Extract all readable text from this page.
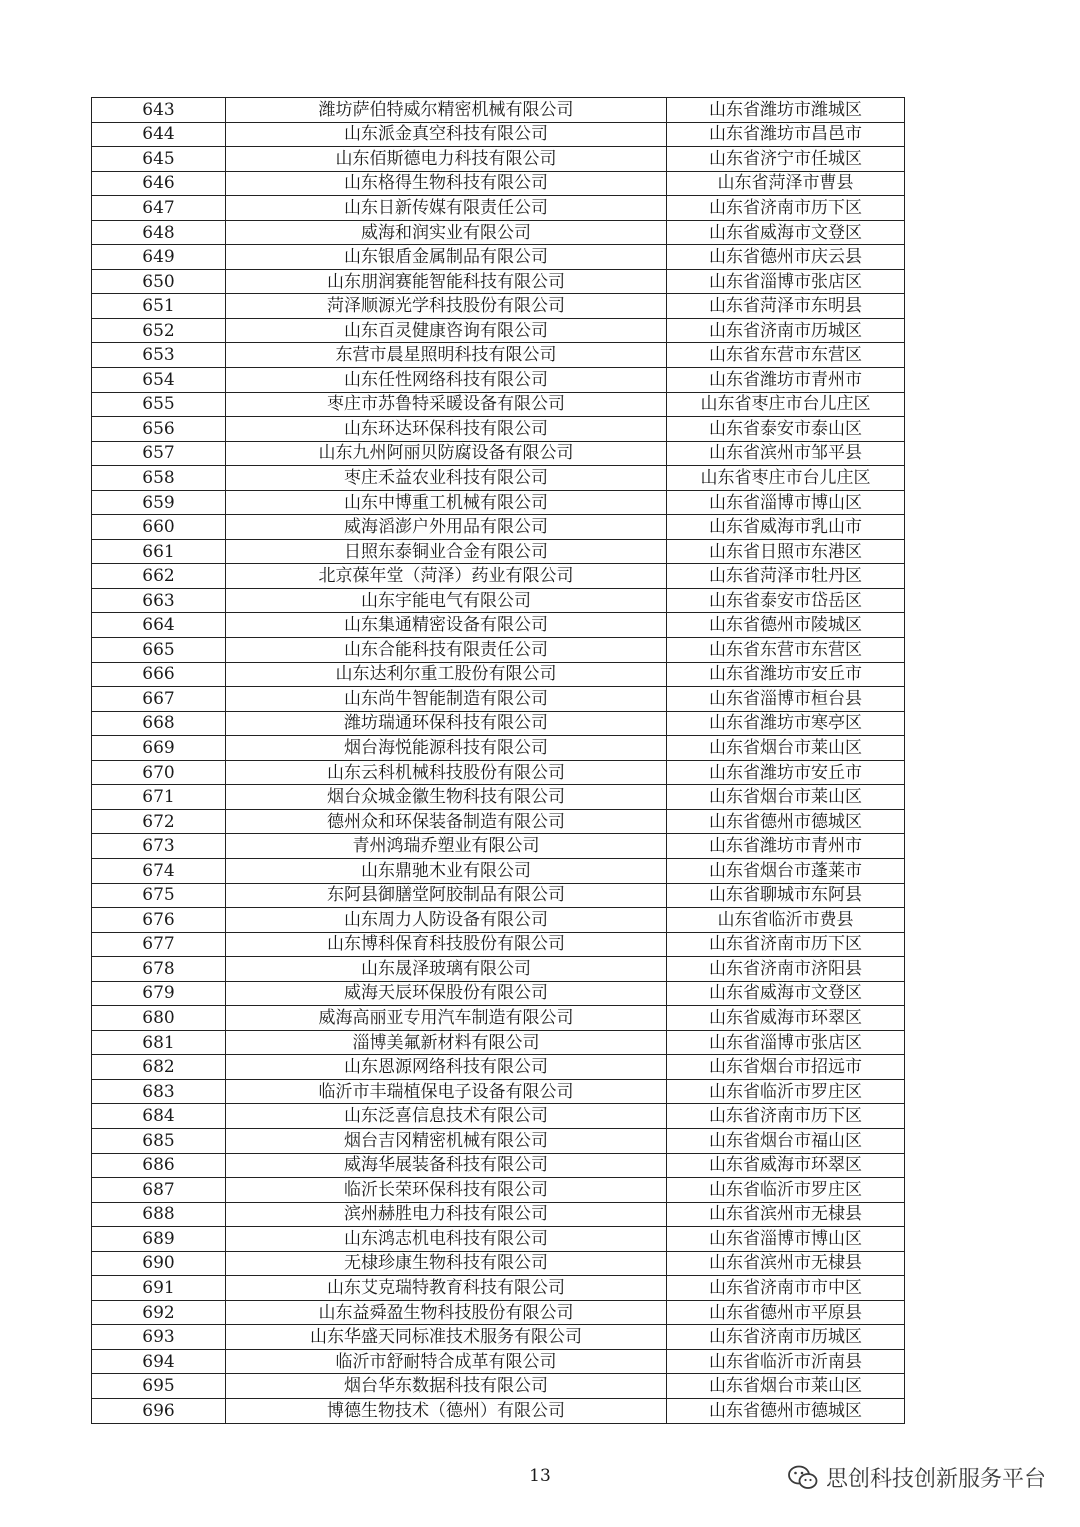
643	潍坊萨伯特威尔精密机械有限公司	山东省潍坊市潍城区
644	山东派金真空科技有限公司	山东省潍坊市昌邑市
645	山东佰斯德电力科技有限公司	山东省济宁市任城区
646	山东格得生物科技有限公司	山东省菏泽市曹县
647	山东日新传媒有限责任公司	山东省济南市历下区
648	威海和润实业有限公司	山东省威海市文登区
649	山东银盾金属制品有限公司	山东省德州市庆云县
650	山东朋润赛能智能科技有限公司	山东省淄博市张店区
651	菏泽顺源光学科技股份有限公司	山东省菏泽市东明县
652	山东百灵健康咨询有限公司	山东省济南市历城区
653	东营市晨星照明科技有限公司	山东省东营市东营区
654	山东任性网络科技有限公司	山东省潍坊市青州市
655	枣庄市苏鲁特采暖设备有限公司	山东省枣庄市台儿庄区
656	山东环达环保科技有限公司	山东省泰安市泰山区
657	山东九州阿丽贝防腐设备有限公司	山东省滨州市邹平县
658	枣庄禾益农业科技有限公司	山东省枣庄市台儿庄区
659	山东中博重工机械有限公司	山东省淄博市博山区
660	威海滔澎户外用品有限公司	山东省威海市乳山市
661	日照东泰铜业合金有限公司	山东省日照市东港区
662	北京葆年堂（菏泽）药业有限公司	山东省菏泽市牡丹区
663	山东宇能电气有限公司	山东省泰安市岱岳区
664	山东集通精密设备有限公司	山东省德州市陵城区
665	山东合能科技有限责任公司	山东省东营市东营区
666	山东达利尔重工股份有限公司	山东省潍坊市安丘市
667	山东尚牛智能制造有限公司	山东省淄博市桓台县
668	潍坊瑞通环保科技有限公司	山东省潍坊市寒亭区
669	烟台海悦能源科技有限公司	山东省烟台市莱山区
670	山东云科机械科技股份有限公司	山东省潍坊市安丘市
671	烟台众城金徽生物科技有限公司	山东省烟台市莱山区
672	德州众和环保装备制造有限公司	山东省德州市德城区
673	青州鸿瑞乔塑业有限公司	山东省潍坊市青州市
674	山东鼎驰木业有限公司	山东省烟台市蓬莱市
675	东阿县御膳堂阿胶制品有限公司	山东省聊城市东阿县
676	山东周力人防设备有限公司	山东省临沂市费县
677	山东博科保育科技股份有限公司	山东省济南市历下区
678	山东晟泽玻璃有限公司	山东省济南市济阳县
679	威海天辰环保股份有限公司	山东省威海市文登区
680	威海高丽亚专用汽车制造有限公司	山东省威海市环翠区
681	淄博美氟新材料有限公司	山东省淄博市张店区
682	山东恩源网络科技有限公司	山东省烟台市招远市
683	临沂市丰瑞植保电子设备有限公司	山东省临沂市罗庄区
684	山东泛喜信息技术有限公司	山东省济南市历下区
685	烟台吉冈精密机械有限公司	山东省烟台市福山区
686	威海华展装备科技有限公司	山东省威海市环翠区
687	临沂长荣环保科技有限公司	山东省临沂市罗庄区
688	滨州赫胜电力科技有限公司	山东省滨州市无棣县
689	山东鸿志机电科技有限公司	山东省淄博市博山区
690	无棣珍康生物科技有限公司	山东省滨州市无棣县
691	山东艾克瑞特教育科技有限公司	山东省济南市市中区
692	山东益舜盈生物科技股份有限公司	山东省德州市平原县
693	山东华盛天同标准技术服务有限公司	山东省济南市历城区
694	临沂市舒耐特合成革有限公司	山东省临沂市沂南县
695	烟台华东数据科技有限公司	山东省烟台市莱山区
696	博德生物技术（德州）有限公司	山东省德州市德城区
13	思创科技创新服务平台
